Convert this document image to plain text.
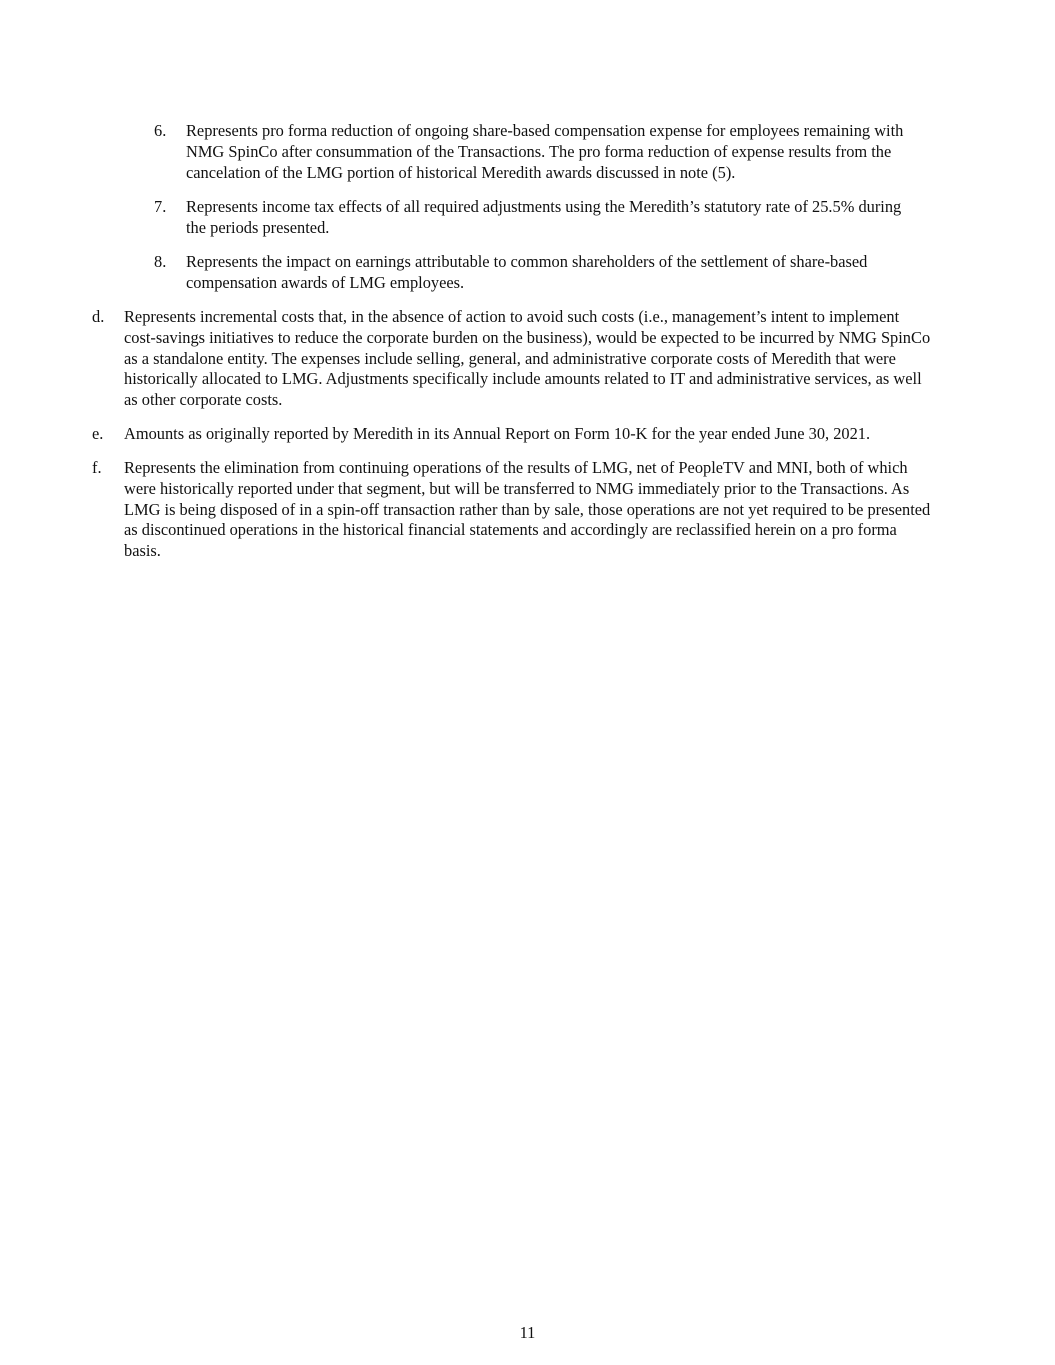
6.	Represents pro forma reduction of ongoing share-based compensation expense for employees remaining with NMG SpinCo after consummation of the Transactions. The pro forma reduction of expense results from the cancelation of the LMG portion of historical Meredith awards discussed in note (5).
7.	Represents income tax effects of all required adjustments using the Meredith’s statutory rate of 25.5% during the periods presented.
8.	Represents the impact on earnings attributable to common shareholders of the settlement of share-based compensation awards of LMG employees.
d.	Represents incremental costs that, in the absence of action to avoid such costs (i.e., management’s intent to implement cost-savings initiatives to reduce the corporate burden on the business), would be expected to be incurred by NMG SpinCo as a standalone entity. The expenses include selling, general, and administrative corporate costs of Meredith that were historically allocated to LMG. Adjustments specifically include amounts related to IT and administrative services, as well as other corporate costs.
e.	Amounts as originally reported by Meredith in its Annual Report on Form 10-K for the year ended June 30, 2021.
f.	Represents the elimination from continuing operations of the results of LMG, net of PeopleTV and MNI, both of which were historically reported under that segment, but will be transferred to NMG immediately prior to the Transactions. As LMG is being disposed of in a spin-off transaction rather than by sale, those operations are not yet required to be presented as discontinued operations in the historical financial statements and accordingly are reclassified herein on a pro forma basis.
11
